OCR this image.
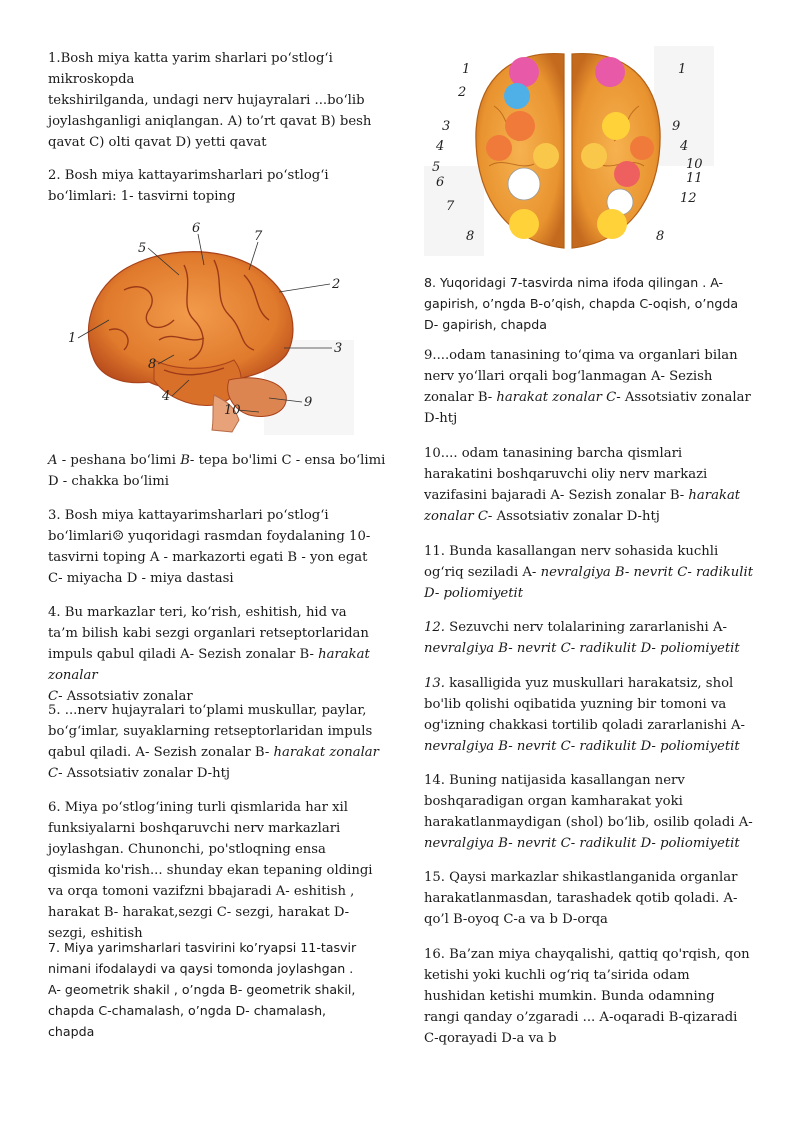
1.Bosh miya katta yarim sharlari po‘stlog‘i mikroskopda
tekshirilganda, undagi nerv hujayralari ...bo‘lib joylashganligi aniqlangan. A) to’rt qavat B) besh qavat C) olti qavat D) yetti qavat

2. Bosh miya kattayarimsharlari po‘stlog‘i bo‘limlari: 1- tasvirni toping

1
2
3
4
5
6
7
8
9
10

A - peshana bo‘limi B- tepa bo'limi C - ensa bo‘limi D - chakka bo‘limi

3. Bosh miya kattayarimsharlari po‘stlog‘i bo‘limlari☹ yuqoridagi rasmdan foydalaning 10- tasvirni toping A - markazorti egati B - yon egat C- miyacha D - miya dastasi

4. Bu markazlar teri, ko‘rish, eshitish, hid va ta’m bilish kabi sezgi organlari retseptorlaridan impuls qabul qiladi A- Sezish zonalar B- harakat zonalar
C- Assotsiativ zonalar

5. ...nerv hujayralari to‘plami muskullar, paylar, bo‘g‘imlar, suyaklarning retseptorlaridan impuls qabul qiladi. A- Sezish zonalar B- harakat zonalar
C- Assotsiativ zonalar D-htj

6. Miya po‘stlog‘ining turli qismlarida har xil funksiyalarni boshqaruvchi nerv markazlari joylashgan. Chunonchi, po'stloqning ensa qismida ko'rish... shunday ekan tepaning oldingi va orqa tomoni vazifzni bbajaradi A- eshitish , harakat B- harakat,sezgi C- sezgi, harakat D-sezgi, eshitish

7. Miya yarimsharlari tasvirini ko’ryapsi 11-tasvir nimani ifodalaydi va qaysi tomonda joylashgan . A- geometrik shakil , o’ngda B- geometrik shakil, chapda C-chamalash, o’ngda D- chamalash, chapda

1
2
3
4
5
6
7
8
1
9
4
10
11
12
8

8. Yuqoridagi 7-tasvirda nima ifoda qilingan . A- gapirish, o’ngda B-o’qish, chapda C-oqish, o’ngda D- gapirish, chapda

9....odam tanasining to‘qima va organlari bilan nerv yo‘llari orqali bog‘lanmagan A- Sezish zonalar B- harakat zonalar C- Assotsiativ zonalar D-htj

10.... odam tanasining barcha qismlari harakatini boshqaruvchi oliy nerv markazi vazifasini bajaradi A- Sezish zonalar B- harakat zonalar C- Assotsiativ zonalar D-htj

11. Bunda kasallangan nerv sohasida kuchli og‘riq seziladi A- nevralgiya B- nevrit C- radikulit D- poliomiyetit

12. Sezuvchi nerv tolalarining zararlanishi A-
nevralgiya B- nevrit C- radikulit D- poliomiyetit

13. kasalligida yuz muskullari harakatsiz, shol bo'lib qolishi oqibatida yuzning bir tomoni va og'izning chakkasi tortilib qoladi zararlanishi A- nevralgiya B- nevrit C- radikulit D- poliomiyetit

14. Buning natijasida kasallangan nerv boshqaradigan organ kamharakat yoki harakatlanmaydigan (shol) bo‘lib, osilib qoladi A- nevralgiya B- nevrit C- radikulit D- poliomiyetit

15. Qaysi markazlar shikastlanganida organlar harakatlanmasdan, tarashadek qotib qoladi. A- qo’l B-oyoq C-a va b D-orqa

16. Ba’zan miya chayqalishi, qattiq qo'rqish, qon ketishi yoki kuchli og‘riq ta’sirida odam hushidan ketishi mumkin. Bunda odamning rangi qanday o’zgaradi ... A-oqaradi B-qizaradi C-qorayadi D-a va b
